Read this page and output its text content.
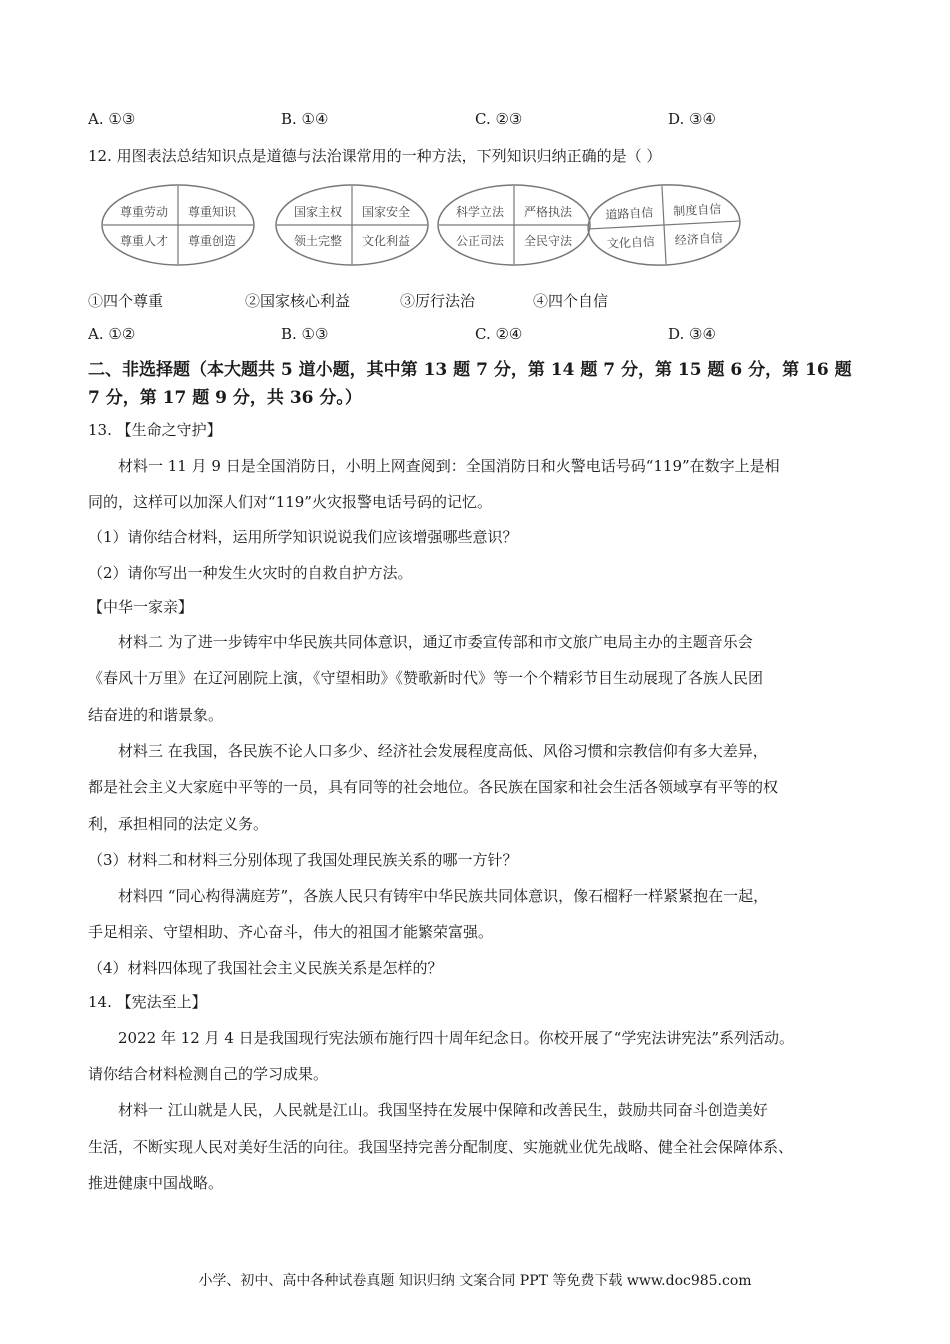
A. ①③	B. ①④	C. ②③	D. ③④
12. 用图表法总结知识点是道德与法治课常用的一种方法，下列知识归纳正确的是（ ）
尊重劳动 尊重知识
尊重人才 尊重创造
国家主权 国家安全
领土完整 文化利益
科学立法 严格执法
公正司法 全民守法
道路自信 制度自信
文化自信 经济自信
①四个尊重	②国家核心利益	③厉行法治	④四个自信
A. ①②	B. ①③	C. ②④	D. ③④
二、非选择题（本大题共 5 道小题，其中第 13 题 7 分，第 14 题 7 分，第 15 题 6 分，第 16 题
7 分，第 17 题 9 分，共 36 分。）
13. 【生命之守护】
材料一 11 月 9 日是全国消防日，小明上网查阅到：全国消防日和火警电话号码“119”在数字上是相
同的，这样可以加深人们对“119”火灾报警电话号码的记忆。
（1）请你结合材料，运用所学知识说说我们应该增强哪些意识？
（2）请你写出一种发生火灾时的自救自护方法。
【中华一家亲】
材料二 为了进一步铸牢中华民族共同体意识，通辽市委宣传部和市文旅广电局主办的主题音乐会
《春风十万里》在辽河剧院上演，《守望相助》《赞歌新时代》等一个个精彩节目生动展现了各族人民团
结奋进的和谐景象。
材料三 在我国，各民族不论人口多少、经济社会发展程度高低、风俗习惯和宗教信仰有多大差异，
都是社会主义大家庭中平等的一员，具有同等的社会地位。各民族在国家和社会生活各领域享有平等的权
利，承担相同的法定义务。
（3）材料二和材料三分别体现了我国处理民族关系的哪一方针？
材料四 “同心构得满庭芳”，各族人民只有铸牢中华民族共同体意识，像石榴籽一样紧紧抱在一起，
手足相亲、守望相助、齐心奋斗，伟大的祖国才能繁荣富强。
（4）材料四体现了我国社会主义民族关系是怎样的？
14. 【宪法至上】
2022 年 12 月 4 日是我国现行宪法颁布施行四十周年纪念日。你校开展了“学宪法讲宪法”系列活动。
请你结合材料检测自己的学习成果。
材料一 江山就是人民，人民就是江山。我国坚持在发展中保障和改善民生，鼓励共同奋斗创造美好
生活，不断实现人民对美好生活的向往。我国坚持完善分配制度、实施就业优先战略、健全社会保障体系、
推进健康中国战略。
小学、初中、高中各种试卷真题 知识归纳 文案合同 PPT 等免费下载 www.doc985.com
